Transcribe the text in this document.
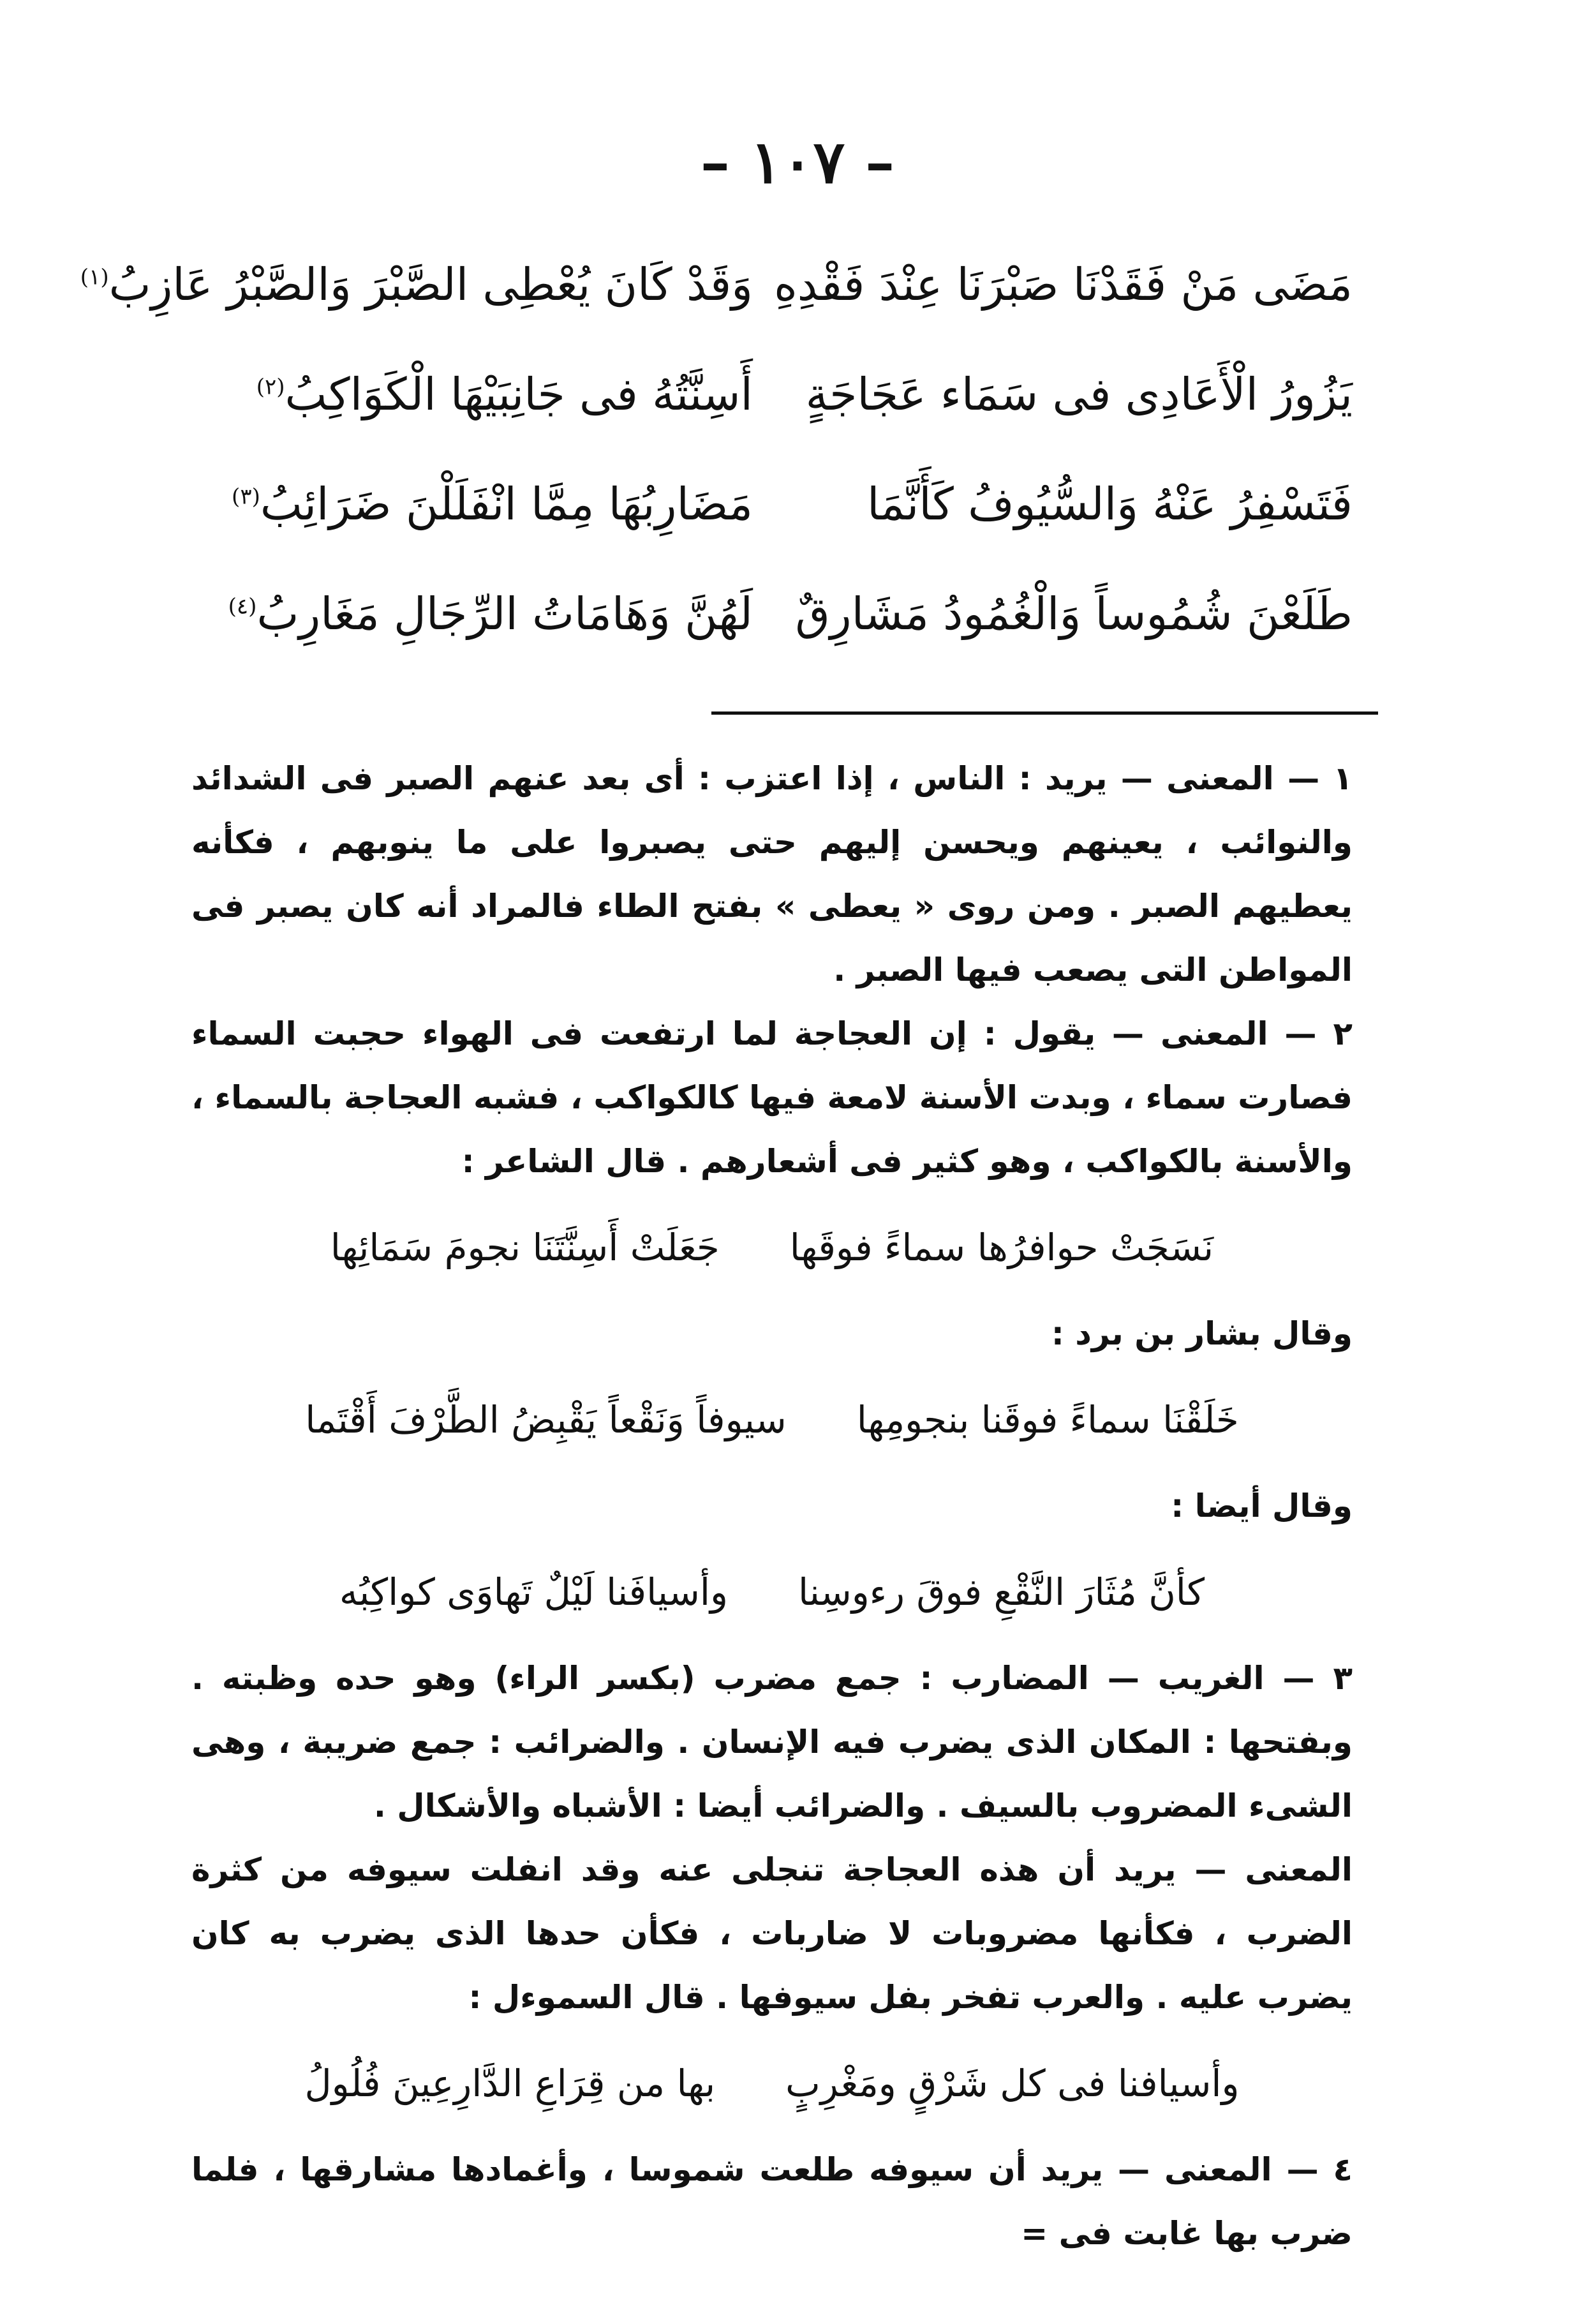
– ١٠٧ –
مَضَى مَنْ فَقَدْنَا صَبْرَنَا عِنْدَ فَقْدِهِ
وَقَدْ كَانَ يُعْطِى الصَّبْرَ وَالصَّبْرُ عَازِبُ$^{(١)}$
يَزُورُ الْأَعَادِى فى سَمَاء عَجَاجَةٍ
أَسِنَّتُهُ فى جَانِبَيْهَا الْكَوَاكِبُ$^{(٢)}$
فَتَسْفِرُ عَنْهُ وَالسُّيُوفُ كَأَنَّمَا
مَضَارِبُهَا مِمَّا انْفَلَلْنَ ضَرَائِبُ$^{(٣)}$
طَلَعْنَ شُمُوساً وَالْغُمُودُ مَشَارِقٌ
لَهُنَّ وَهَامَاتُ الرِّجَالِ مَغَارِبُ$^{(٤)}$

١ — المعنى — يريد : الناس ، إذا اعتزب : أى بعد عنهم الصبر فى الشدائد والنوائب ، يعينهم ويحسن إليهم حتى يصبروا على ما ينوبهم ، فكأنه يعطيهم الصبر . ومن روى « يعطى » بفتح الطاء فالمراد أنه كان يصبر فى المواطن التى يصعب فيها الصبر .

٢ — المعنى — يقول : إن العجاجة لما ارتفعت فى الهواء حجبت السماء فصارت سماء ، وبدت الأسنة لامعة فيها كالكواكب ، فشبه العجاجة بالسماء ، والأسنة بالكواكب ، وهو كثير فى أشعارهم . قال الشاعر :

نَسَجَتْ حوافرُها سماءً فوقَها
جَعَلَتْ أَسِنَّتَنَا نجومَ سَمَائِها

وقال بشار بن برد :

خَلَقْنَا سماءً فوقَنا بنجومِها
سيوفاً وَنَقْعاً يَقْبِضُ الطَّرْفَ أَقْتَما

وقال أيضا :

كأنَّ مُثَارَ النَّقْعِ فوقَ رءوسِنا
وأسيافَنا لَيْلٌ تَهاوَى كواكِبُه

٣ — الغريب — المضارب : جمع مضرب (بكسر الراء) وهو حده وظبته . وبفتحها : المكان الذى يضرب فيه الإنسان . والضرائب : جمع ضريبة ، وهى الشىء المضروب بالسيف . والضرائب أيضا : الأشباه والأشكال .

المعنى — يريد أن هذه العجاجة تنجلى عنه وقد انفلت سيوفه من كثرة الضرب ، فكأنها مضروبات لا ضاربات ، فكأن حدها الذى يضرب به كان يضرب عليه . والعرب تفخر بفل سيوفها . قال السموءل :

وأسيافنا فى كل شَرْقٍ ومَغْرِبٍ
بها من قِرَاعِ الدَّارِعِينَ فُلُولُ

٤ — المعنى — يريد أن سيوفه طلعت شموسا ، وأغمادها مشارقها ، فلما ضرب بها غابت فى =
